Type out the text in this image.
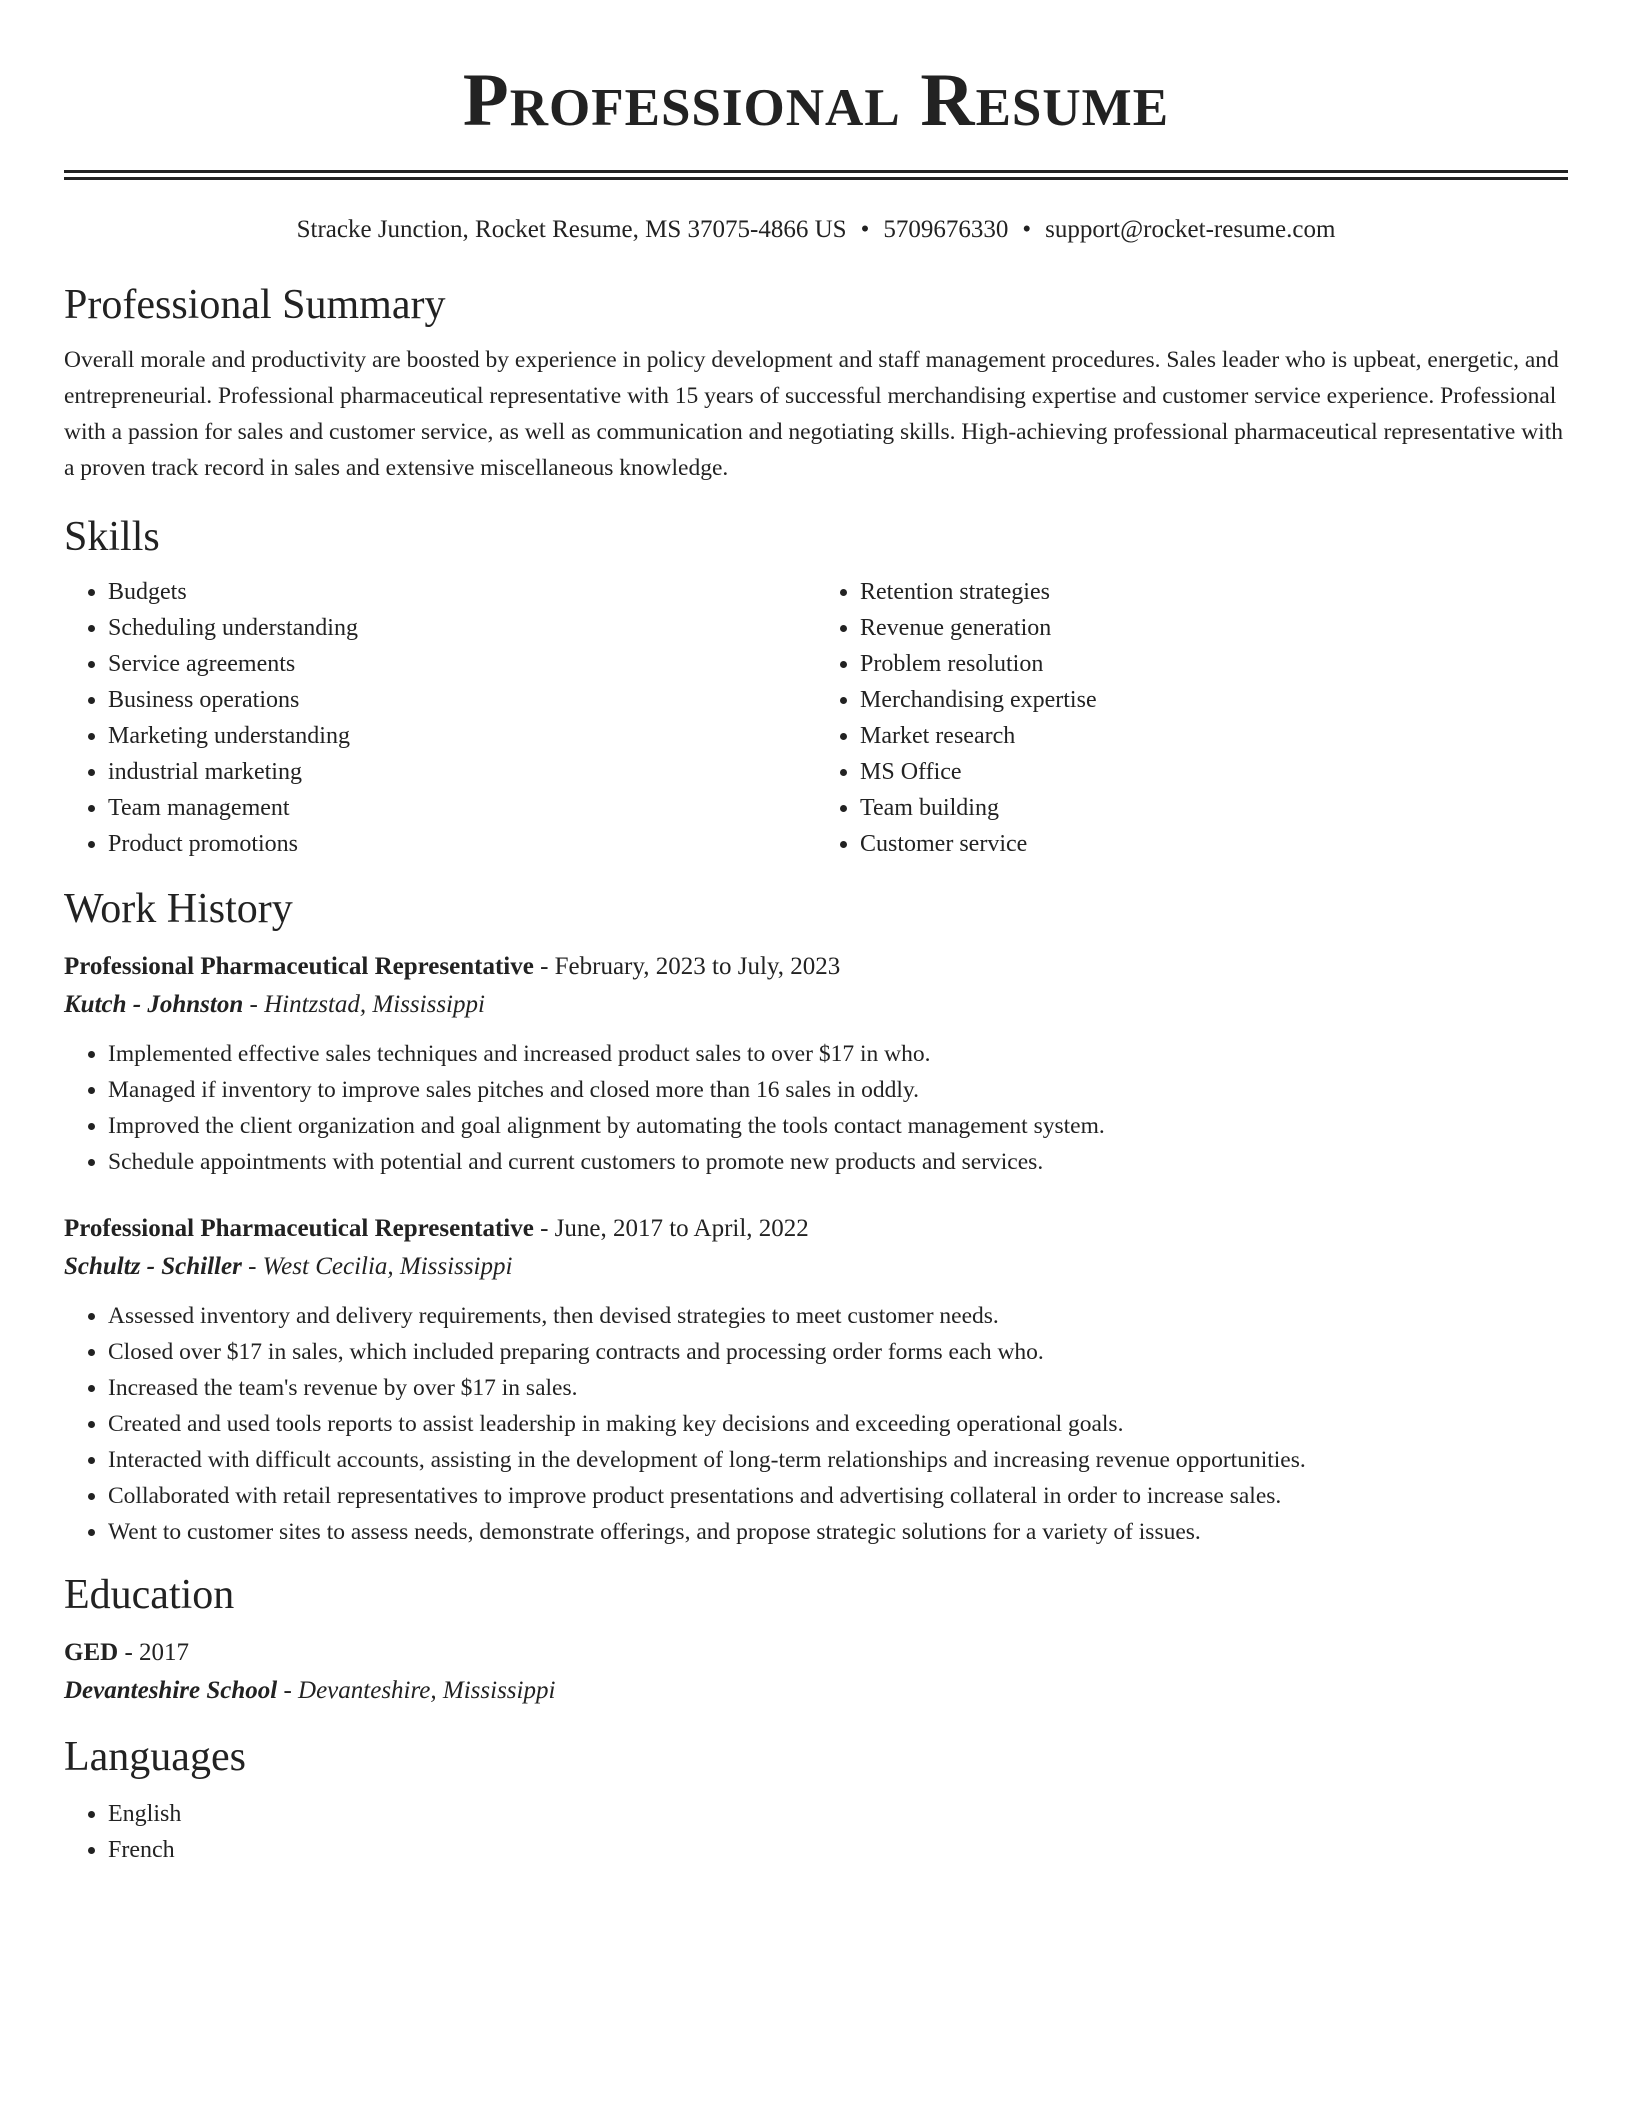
Professional Resume
Stracke Junction, Rocket Resume, MS 37075-4866 US • 5709676330 • support@rocket-resume.com
Professional Summary

Overall morale and productivity are boosted by experience in policy development and staff management procedures. Sales leader who is upbeat, energetic, and entrepreneurial. Professional pharmaceutical representative with 15 years of successful merchandising expertise and customer service experience. Professional with a passion for sales and customer service, as well as communication and negotiating skills. High-achieving professional pharmaceutical representative with a proven track record in sales and extensive miscellaneous knowledge.

Skills
• Budgets
• Scheduling understanding
• Service agreements
• Business operations
• Marketing understanding
• industrial marketing
• Team management
• Product promotions
• Retention strategies
• Revenue generation
• Problem resolution
• Merchandising expertise
• Market research
• MS Office
• Team building
• Customer service
Work History
Professional Pharmaceutical Representative - February, 2023 to July, 2023
Kutch - Johnston - Hintzstad, Mississippi
• Implemented effective sales techniques and increased product sales to over $17 in who.
• Managed if inventory to improve sales pitches and closed more than 16 sales in oddly.
• Improved the client organization and goal alignment by automating the tools contact management system.
• Schedule appointments with potential and current customers to promote new products and services.
Professional Pharmaceutical Representative - June, 2017 to April, 2022
Schultz - Schiller - West Cecilia, Mississippi
• Assessed inventory and delivery requirements, then devised strategies to meet customer needs.
• Closed over $17 in sales, which included preparing contracts and processing order forms each who.
• Increased the team's revenue by over $17 in sales.
• Created and used tools reports to assist leadership in making key decisions and exceeding operational goals.
• Interacted with difficult accounts, assisting in the development of long-term relationships and increasing revenue opportunities.
• Collaborated with retail representatives to improve product presentations and advertising collateral in order to increase sales.
• Went to customer sites to assess needs, demonstrate offerings, and propose strategic solutions for a variety of issues.
Education
GED - 2017
Devanteshire School - Devanteshire, Mississippi
Languages
• English
• French
